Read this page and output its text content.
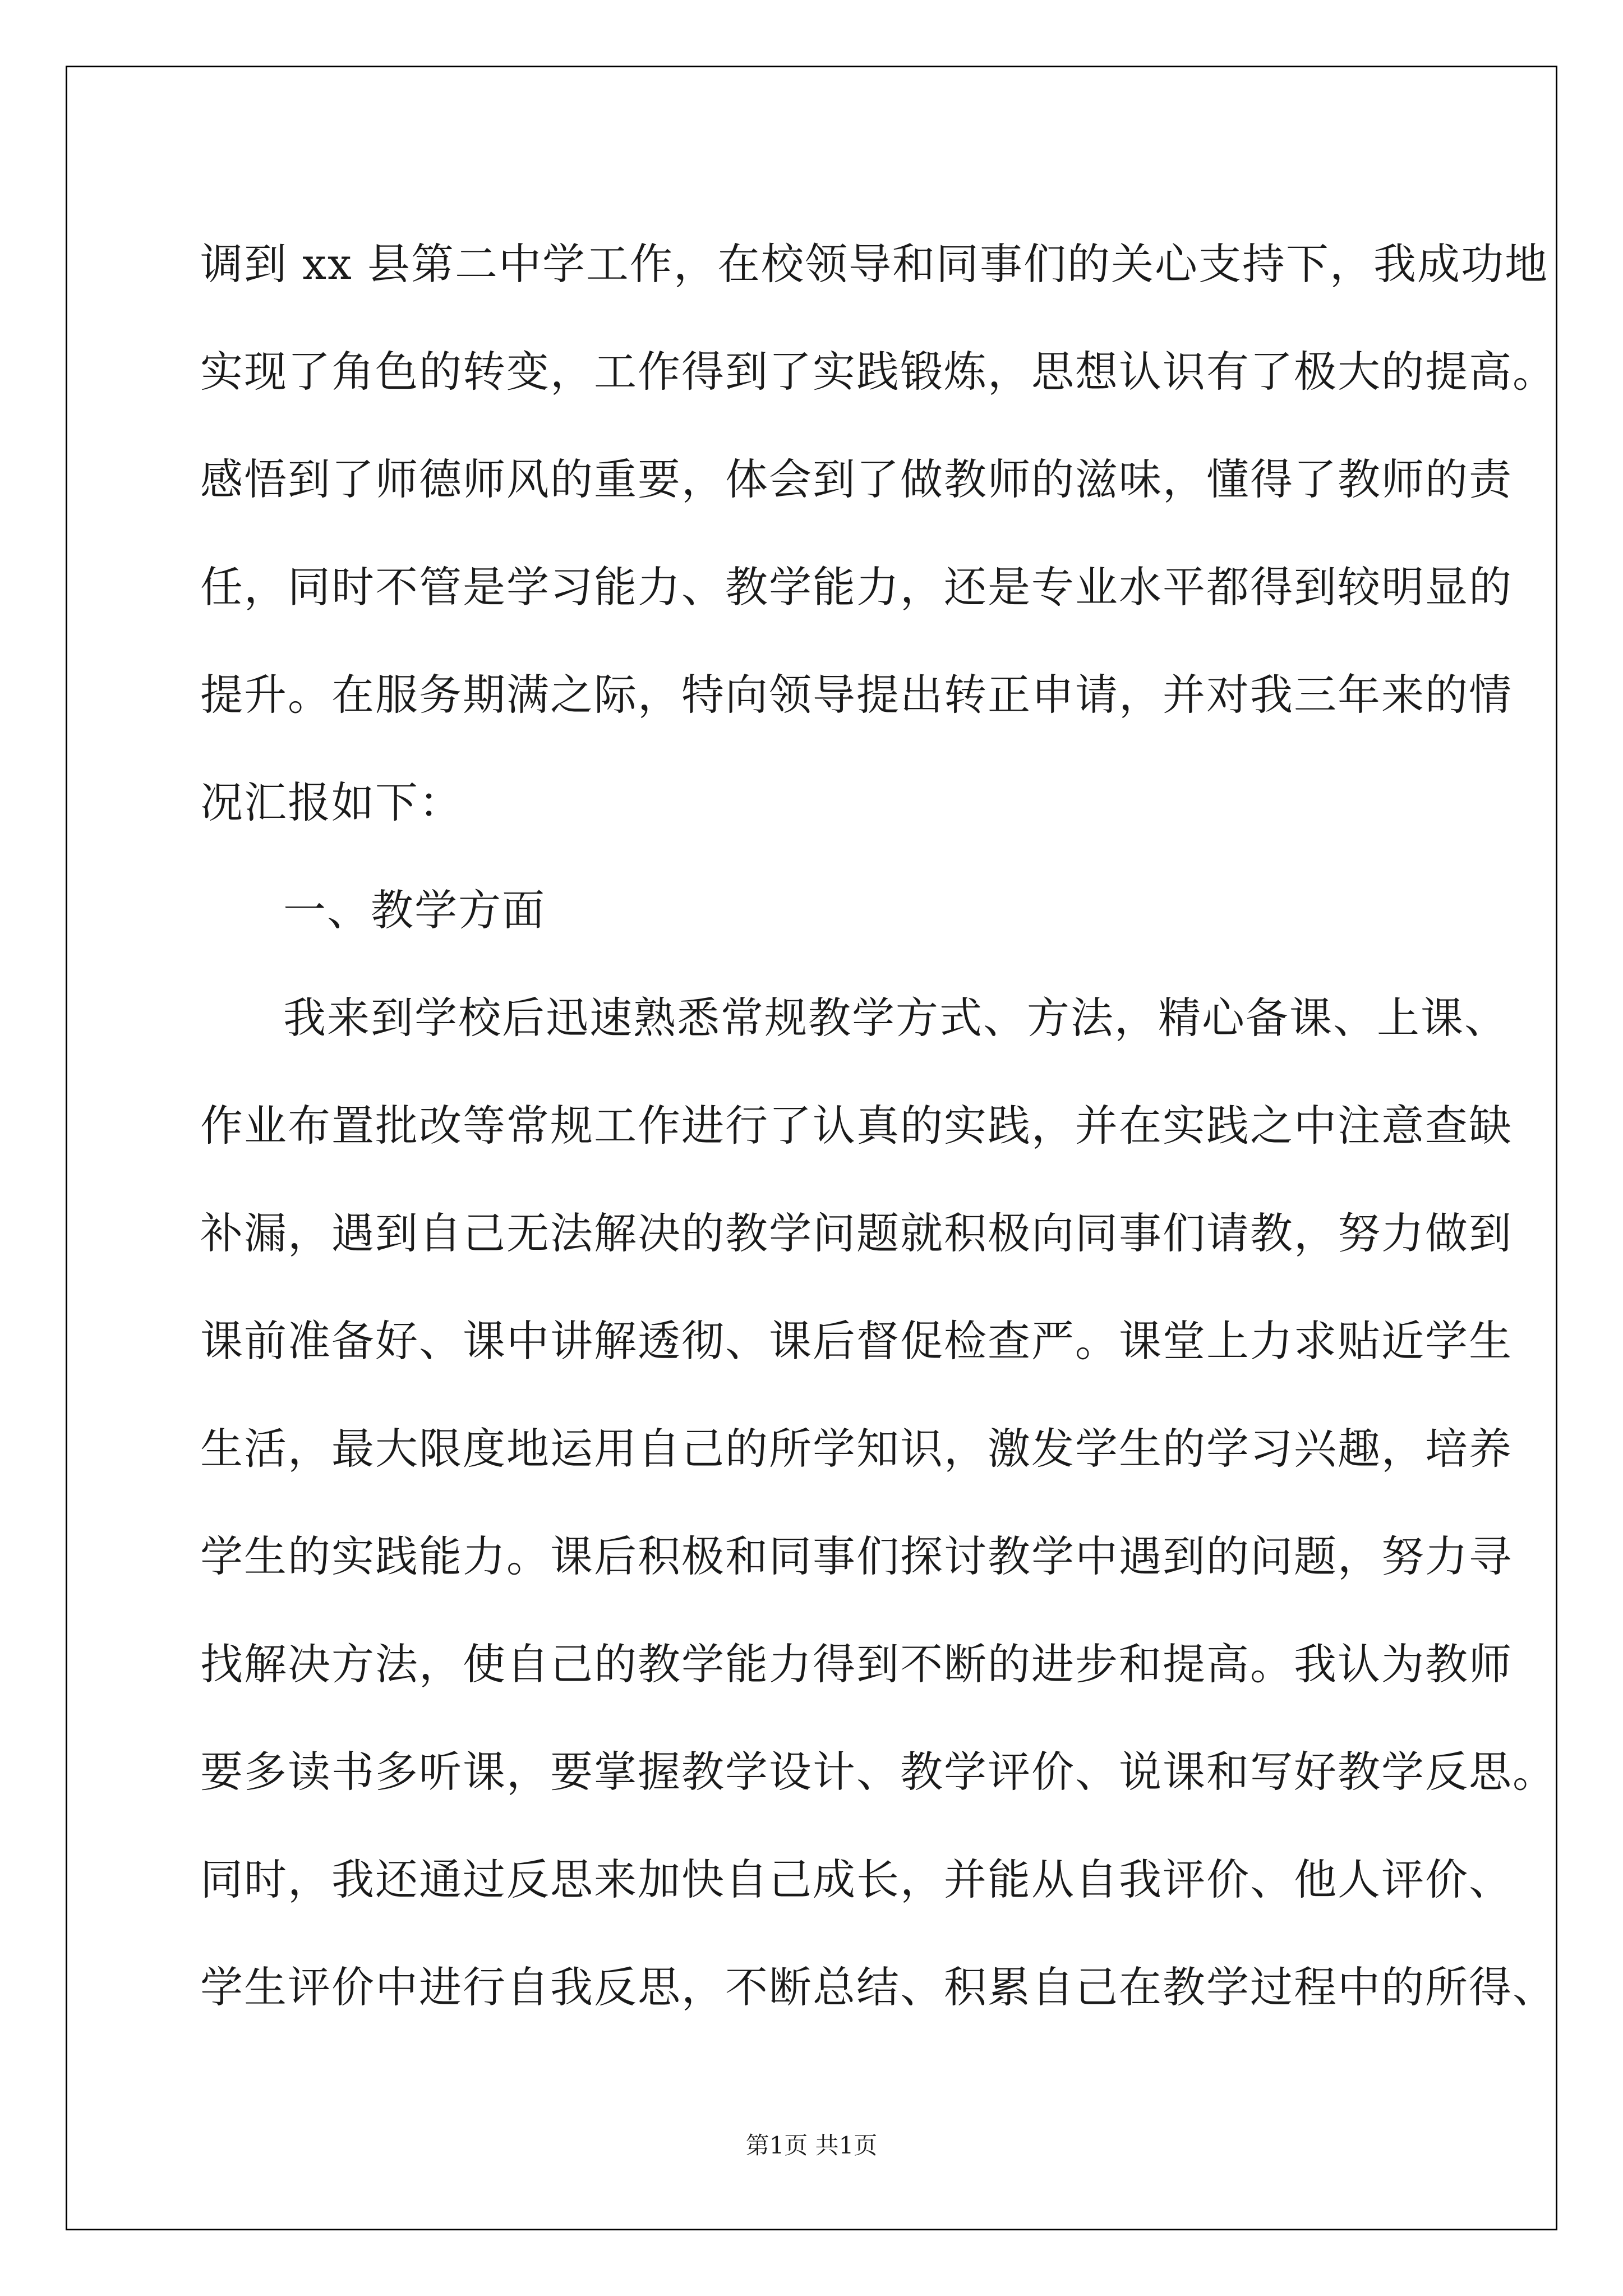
调到 xx 县第二中学工作，在校领导和同事们的关心支持下，我成功地
实现了角色的转变，工作得到了实践锻炼，思想认识有了极大的提高。
感悟到了师德师风的重要，体会到了做教师的滋味，懂得了教师的责
任，同时不管是学习能力、教学能力，还是专业水平都得到较明显的
提升。在服务期满之际，特向领导提出转正申请，并对我三年来的情
况汇报如下：
一、教学方面
我来到学校后迅速熟悉常规教学方式、方法，精心备课、上课、
作业布置批改等常规工作进行了认真的实践，并在实践之中注意查缺
补漏，遇到自己无法解决的教学问题就积极向同事们请教，努力做到
课前准备好、课中讲解透彻、课后督促检查严。课堂上力求贴近学生
生活，最大限度地运用自己的所学知识，激发学生的学习兴趣，培养
学生的实践能力。课后积极和同事们探讨教学中遇到的问题，努力寻
找解决方法，使自己的教学能力得到不断的进步和提高。我认为教师
要多读书多听课，要掌握教学设计、教学评价、说课和写好教学反思。
同时，我还通过反思来加快自己成长，并能从自我评价、他人评价、
学生评价中进行自我反思，不断总结、积累自己在教学过程中的所得、
第1页 共1页
